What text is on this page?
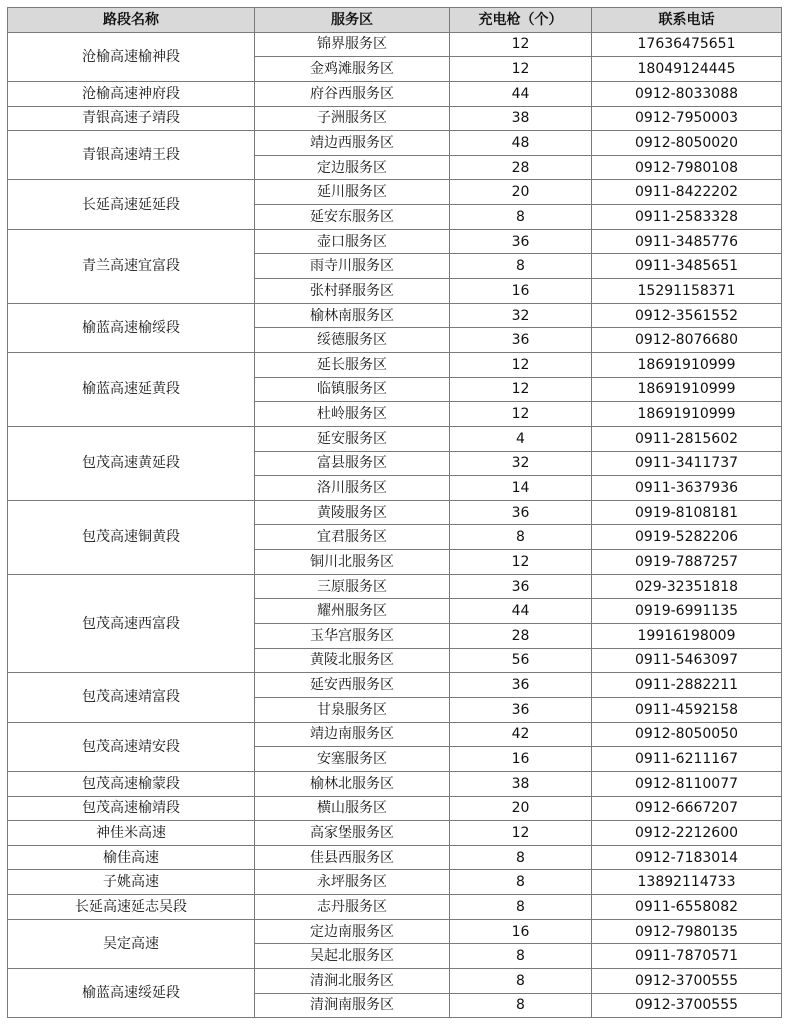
路段名称	服务区	充电枪（个）	联系电话
沧榆高速榆神段	锦界服务区	12	17636475651
	金鸡滩服务区	12	18049124445
沧榆高速神府段	府谷西服务区	44	0912-8033088
青银高速子靖段	子洲服务区	38	0912-7950003
青银高速靖王段	靖边西服务区	48	0912-8050020
	定边服务区	28	0912-7980108
长延高速延延段	延川服务区	20	0911-8422202
	延安东服务区	8	0911-2583328
青兰高速宜富段	壶口服务区	36	0911-3485776
	雨寺川服务区	8	0911-3485651
	张村驿服务区	16	15291158371
榆蓝高速榆绥段	榆林南服务区	32	0912-3561552
	绥德服务区	36	0912-8076680
榆蓝高速延黄段	延长服务区	12	18691910999
	临镇服务区	12	18691910999
	杜岭服务区	12	18691910999
包茂高速黄延段	延安服务区	4	0911-2815602
	富县服务区	32	0911-3411737
	洛川服务区	14	0911-3637936
包茂高速铜黄段	黄陵服务区	36	0919-8108181
	宜君服务区	8	0919-5282206
	铜川北服务区	12	0919-7887257
包茂高速西富段	三原服务区	36	029-32351818
	耀州服务区	44	0919-6991135
	玉华宫服务区	28	19916198009
	黄陵北服务区	56	0911-5463097
包茂高速靖富段	延安西服务区	36	0911-2882211
	甘泉服务区	36	0911-4592158
包茂高速靖安段	靖边南服务区	42	0912-8050050
	安塞服务区	16	0911-6211167
包茂高速榆蒙段	榆林北服务区	38	0912-8110077
包茂高速榆靖段	横山服务区	20	0912-6667207
神佳米高速	高家堡服务区	12	0912-2212600
榆佳高速	佳县西服务区	8	0912-7183014
子姚高速	永坪服务区	8	13892114733
长延高速延志吴段	志丹服务区	8	0911-6558082
吴定高速	定边南服务区	16	0912-7980135
	吴起北服务区	8	0911-7870571
榆蓝高速绥延段	清涧北服务区	8	0912-3700555
	清涧南服务区	8	0912-3700555
